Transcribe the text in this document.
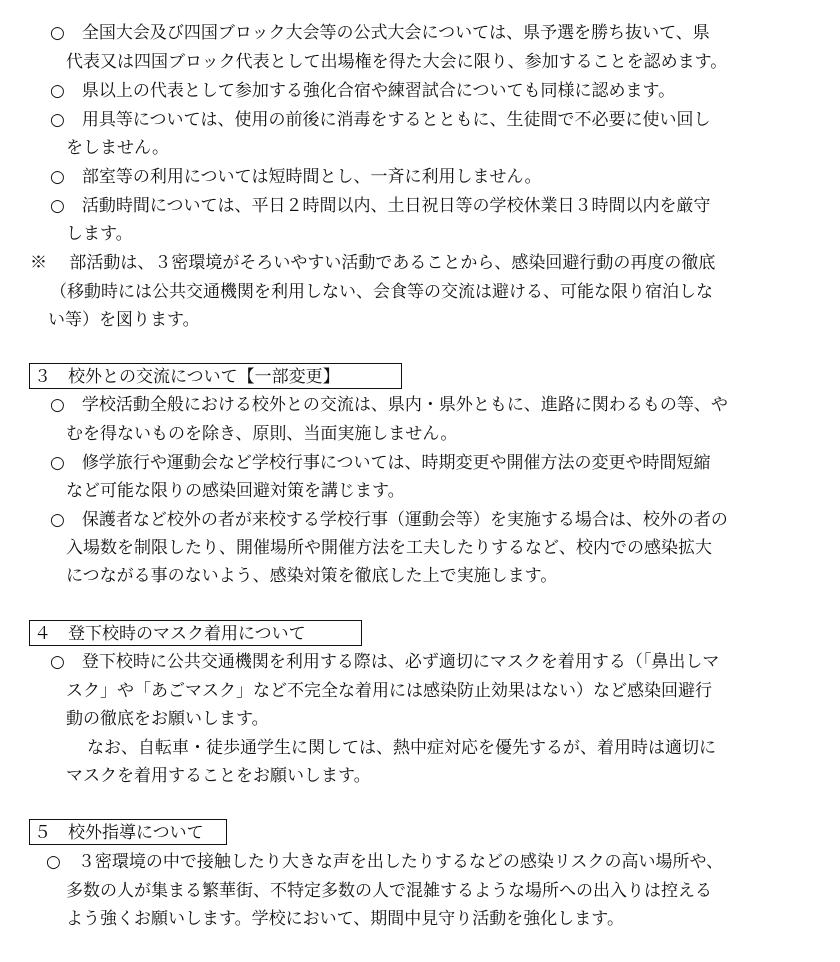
○　全国大会及び四国ブロック大会等の公式大会については、県予選を勝ち抜いて、県
代表又は四国ブロック代表として出場権を得た大会に限り、参加することを認めます。
○　県以上の代表として参加する強化合宿や練習試合についても同様に認めます。
○　用具等については、使用の前後に消毒をするとともに、生徒間で不必要に使い回し
をしません。
○　部室等の利用については短時間とし、一斉に利用しません。
○　活動時間については、平日２時間以内、土日祝日等の学校休業日３時間以内を厳守
します。
※　 部活動は、３密環境がそろいやすい活動であることから、感染回避行動の再度の徹底
（移動時には公共交通機関を利用しない、会食等の交流は避ける、可能な限り宿泊しな
い等）を図ります。
３　校外との交流について【一部変更】
○　学校活動全般における校外との交流は、県内・県外ともに、進路に関わるもの等、や
むを得ないものを除き、原則、当面実施しません。
○　修学旅行や運動会など学校行事については、時期変更や開催方法の変更や時間短縮
など可能な限りの感染回避対策を講じます。
○　保護者など校外の者が来校する学校行事（運動会等）を実施する場合は、校外の者の
入場数を制限したり、開催場所や開催方法を工夫したりするなど、校内での感染拡大
につながる事のないよう、感染対策を徹底した上で実施します。
４　登下校時のマスク着用について
○　登下校時に公共交通機関を利用する際は、必ず適切にマスクを着用する（「鼻出しマ
スク」や「あごマスク」など不完全な着用には感染防止効果はない）など感染回避行
動の徹底をお願いします。
なお、自転車・徒歩通学生に関しては、熱中症対応を優先するが、着用時は適切に
マスクを着用することをお願いします。
５　校外指導について
○　３密環境の中で接触したり大きな声を出したりするなどの感染リスクの高い場所や、
多数の人が集まる繁華街、不特定多数の人で混雑するような場所への出入りは控える
よう強くお願いします。学校において、期間中見守り活動を強化します。
